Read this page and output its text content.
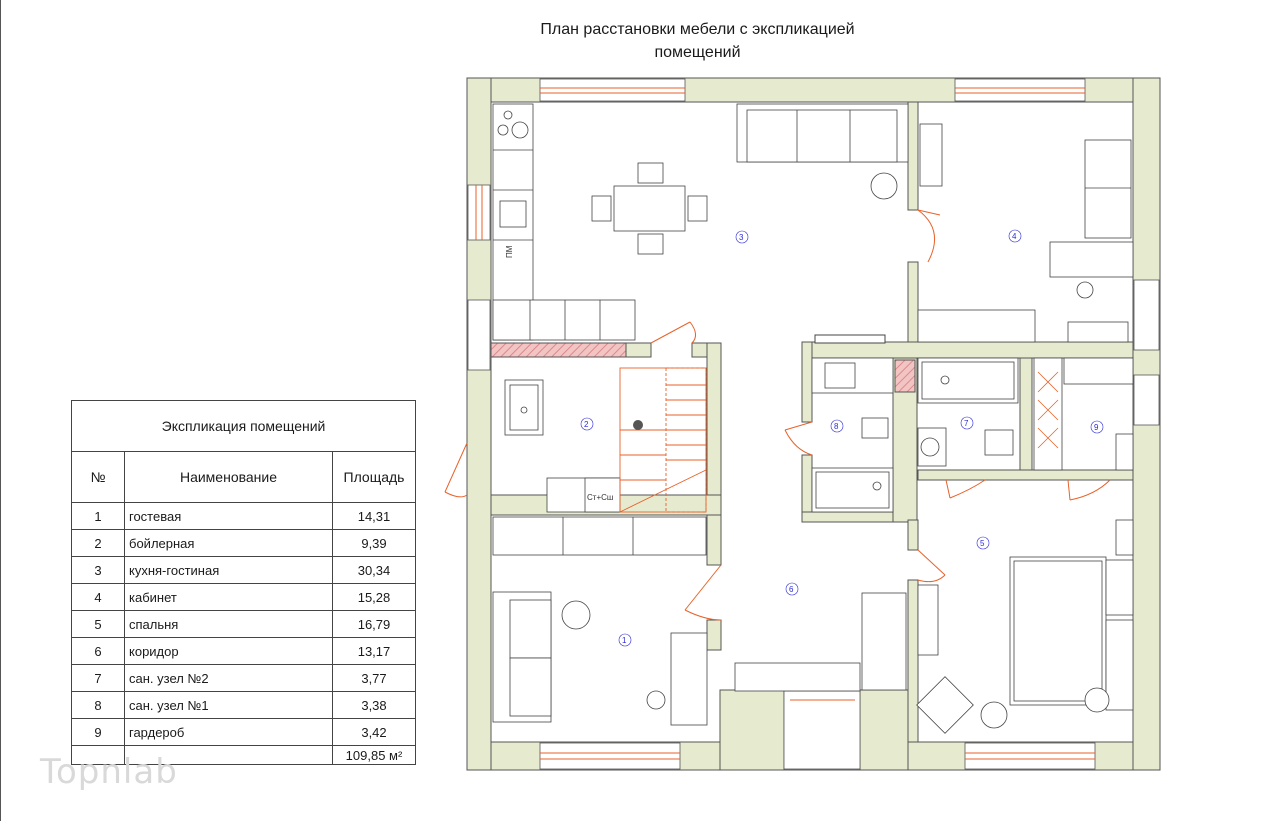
План расстановки мебели с экспликацией
помещений
Экспликация помещений		
№	Наименование	Площадь
1	гостевая	14,31
2	бойлерная	9,39
3	кухня-гостиная	30,34
4	кабинет	15,28
5	спальня	16,79
6	коридор	13,17
7	сан. узел №2	3,77
8	сан. узел №1	3,38
9	гардероб	3,42
		109,85 м²
Topnlab
ПМ
Ст+Сш
3	4
2	8	7	9
5
6
1
